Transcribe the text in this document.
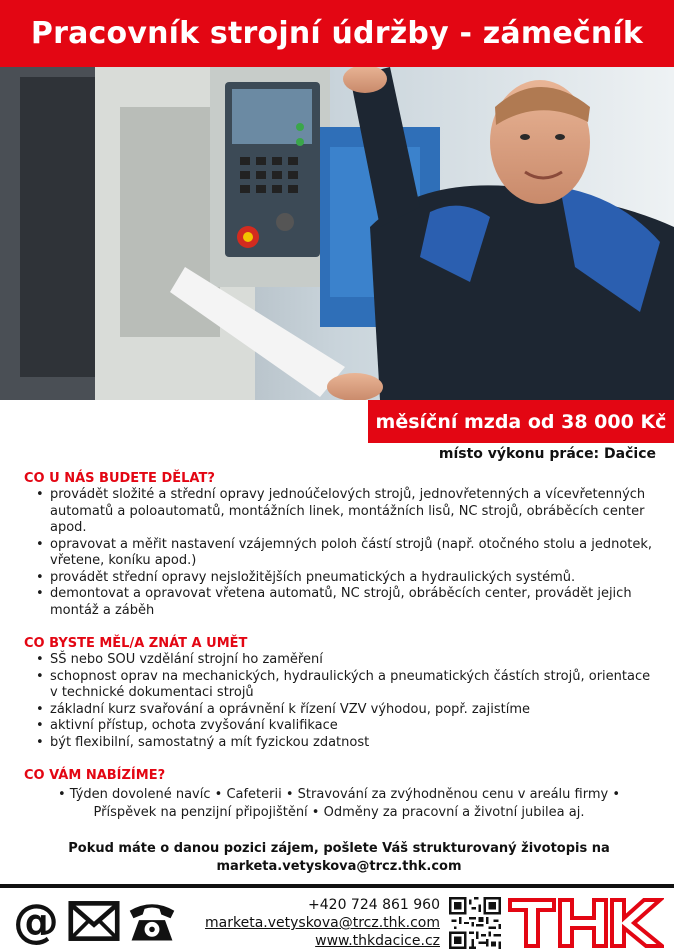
Pracovník strojní údržby - zámečník
měsíční mzda od 38 000 Kč
místo výkonu práce: Dačice
CO U NÁS BUDETE DĚLAT?
• provádět složité a střední opravy jednoúčelových strojů, jednovřetenných a vícevřetenných automatů a poloautomatů, montážních linek, montážních lisů, NC strojů, obráběcích center apod.
• opravovat a měřit nastavení vzájemných poloh částí strojů (např. otočného stolu a jednotek, vřetene, koníku apod.)
• provádět střední opravy nejsložitějších pneumatických a hydraulických systémů.
• demontovat a opravovat vřetena automatů, NC strojů, obráběcích center, provádět jejich montáž a záběh
CO BYSTE MĚL/A ZNÁT A UMĚT
• SŠ nebo SOU vzdělání strojní ho zaměření
• schopnost oprav na mechanických, hydraulických a pneumatických částích strojů, orientace v technické dokumentaci strojů
• základní kurz svařování a oprávnění k řízení VZV výhodou, popř. zajistíme
• aktivní přístup, ochota zvyšování kvalifikace
• být flexibilní, samostatný a mít fyzickou zdatnost
CO VÁM NABÍZÍME?
• Týden dovolené navíc • Cafeterii • Stravování za zvýhodněnou cenu v areálu firmy •
Příspěvek na penzijní připojištění • Odměny za pracovní a životní jubilea aj.
Pokud máte o danou pozici zájem, pošlete Váš strukturovaný životopis na
marketa.vetyskova@trcz.thk.com
@	+420 724 861 960
marketa.vetyskova@trcz.thk.com
www.thkdacice.cz
